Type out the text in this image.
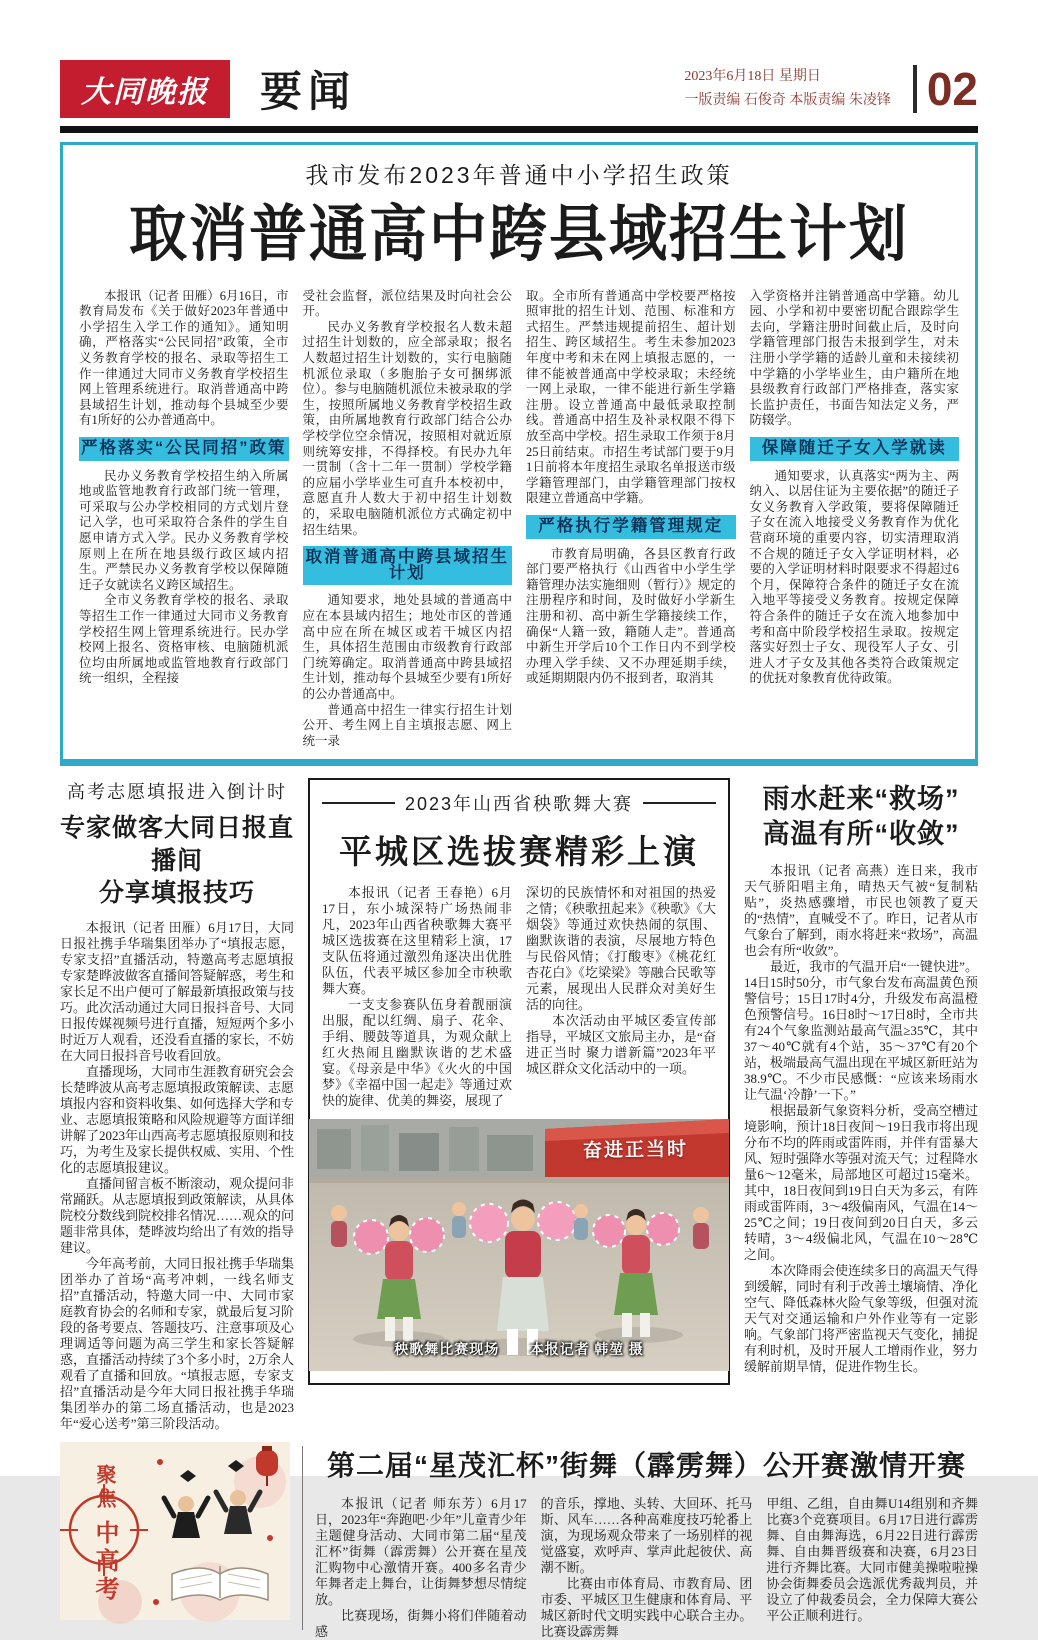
大同晚报 要闻	2023年6月18日 星期日
一版责编 石俊奇 本版责编 朱凌锋 02
我市发布2023年普通中小学招生政策
取消普通高中跨县域招生计划

本报讯（记者 田雁）6月16日，市教育局发布《关于做好2023年普通中小学招生入学工作的通知》。通知明确，严格落实“公民同招”政策，全市义务教育学校的报名、录取等招生工作一律通过大同市义务教育学校招生网上管理系统进行。取消普通高中跨县域招生计划，推动每个县城至少要有1所好的公办普通高中。

严格落实“公民同招”政策

民办义务教育学校招生纳入所属地或监管地教育行政部门统一管理，可采取与公办学校相同的方式划片登记入学，也可采取符合条件的学生自愿申请方式入学。民办义务教育学校原则上在所在地县级行政区域内招生。严禁民办义务教育学校以保障随迁子女就读名义跨区域招生。

全市义务教育学校的报名、录取等招生工作一律通过大同市义务教育学校招生网上管理系统进行。民办学校网上报名、资格审核、电脑随机派位均由所属地或监管地教育行政部门统一组织，全程接

受社会监督，派位结果及时向社会公开。

民办义务教育学校报名人数未超过招生计划数的，应全部录取；报名人数超过招生计划数的，实行电脑随机派位录取（多胞胎子女可捆绑派位）。参与电脑随机派位未被录取的学生，按照所属地义务教育学校招生政策，由所属地教育行政部门结合公办学校学位空余情况，按照相对就近原则统筹安排，不得择校。有民办九年一贯制（含十二年一贯制）学校学籍的应届小学毕业生可直升本校初中，意愿直升人数大于初中招生计划数的，采取电脑随机派位方式确定初中招生结果。

取消普通高中跨县域招生计划

通知要求，地处县域的普通高中应在本县域内招生；地处市区的普通高中应在所在城区或若干城区内招生，具体招生范围由市级教育行政部门统筹确定。取消普通高中跨县域招生计划，推动每个县城至少要有1所好的公办普通高中。

普通高中招生一律实行招生计划公开、考生网上自主填报志愿、网上统一录

取。全市所有普通高中学校要严格按照审批的招生计划、范围、标准和方式招生。严禁违规提前招生、超计划招生、跨区域招生。考生未参加2023年度中考和未在网上填报志愿的，一律不能被普通高中学校录取；未经统一网上录取，一律不能进行新生学籍注册。设立普通高中最低录取控制线。普通高中招生及补录权限不得下放至高中学校。招生录取工作须于8月25日前结束。市招生考试部门要于9月1日前将本年度招生录取名单报送市级学籍管理部门，由学籍管理部门按权限建立普通高中学籍。

严格执行学籍管理规定

市教育局明确，各县区教育行政部门要严格执行《山西省中小学生学籍管理办法实施细则（暂行）》规定的注册程序和时间，及时做好小学新生注册和初、高中新生学籍接续工作，确保“人籍一致，籍随人走”。普通高中新生开学后10个工作日内不到学校办理入学手续、又不办理延期手续，或延期期限内仍不报到者，取消其

入学资格并注销普通高中学籍。幼儿园、小学和初中要密切配合跟踪学生去向，学籍注册时间截止后，及时向学籍管理部门报告未报到学生，对未注册小学学籍的适龄儿童和未接续初中学籍的小学毕业生，由户籍所在地县级教育行政部门严格排查，落实家长监护责任，书面告知法定义务，严防辍学。

保障随迁子女入学就读

通知要求，认真落实“两为主、两纳入、以居住证为主要依据”的随迁子女义务教育入学政策，要将保障随迁子女在流入地接受义务教育作为优化营商环境的重要内容，切实清理取消不合规的随迁子女入学证明材料，必要的入学证明材料时限要求不得超过6个月，保障符合条件的随迁子女在流入地平等接受义务教育。按规定保障符合条件的随迁子女在流入地参加中考和高中阶段学校招生录取。按规定落实好烈士子女、现役军人子女、引进人才子女及其他各类符合政策规定的优抚对象教育优待政策。

高考志愿填报进入倒计时
专家做客大同日报直播间
分享填报技巧

本报讯（记者 田雁）6月17日，大同日报社携手华瑞集团举办了“填报志愿，专家支招”直播活动，特邀高考志愿填报专家楚晔波做客直播间答疑解惑，考生和家长足不出户便可了解最新填报政策与技巧。此次活动通过大同日报抖音号、大同日报传媒视频号进行直播，短短两个多小时近万人观看，还没看直播的家长，不妨在大同日报抖音号收看回放。

直播现场，大同市生涯教育研究会会长楚晔波从高考志愿填报政策解读、志愿填报内容和资料收集、如何选择大学和专业、志愿填报策略和风险规避等方面详细讲解了2023年山西高考志愿填报原则和技巧，为考生及家长提供权威、实用、个性化的志愿填报建议。

直播间留言板不断滚动，观众提问非常踊跃。从志愿填报到政策解读，从具体院校分数线到院校排名情况……观众的问题非常具体，楚晔波均给出了有效的指导建议。

今年高考前，大同日报社携手华瑞集团举办了首场“高考冲刺，一线名师支招”直播活动，特邀大同一中、大同市家庭教育协会的名师和专家，就最后复习阶段的备考要点、答题技巧、注意事项及心理调适等问题为高三学生和家长答疑解惑，直播活动持续了3个多小时，2万余人观看了直播和回放。“填报志愿，专家支招”直播活动是今年大同日报社携手华瑞集团举办的第二场直播活动，也是2023年“爱心送考”第三阶段活动。

2023年山西省秧歌舞大赛
平城区选拔赛精彩上演

本报讯（记者 王春艳）6月17日，东小城深特广场热闹非凡，2023年山西省秧歌舞大赛平城区选拔赛在这里精彩上演，17支队伍将通过激烈角逐决出优胜队伍，代表平城区参加全市秧歌舞大赛。

一支支参赛队伍身着靓丽演出服，配以红绸、扇子、花伞、手绢、腰鼓等道具，为观众献上红火热闹且幽默诙谐的艺术盛宴。《母亲是中华》《火火的中国梦》《幸福中国一起走》等通过欢快的旋律、优美的舞姿，展现了

深切的民族情怀和对祖国的热爱之情；《秧歌扭起来》《秧歌》《大烟袋》等通过欢快热闹的氛围、幽默诙谐的表演，尽展地方特色与民俗风情；《打酸枣》《桃花红杏花白》《圪梁梁》等融合民歌等元素，展现出人民群众对美好生活的向往。

本次活动由平城区委宣传部指导，平城区文旅局主办，是“奋进正当时 聚力谱新篇”2023年平城区群众文化活动中的一项。

奋进正当时
秧歌舞比赛现场 本报记者 韩堃 摄
雨水赶来“救场”
高温有所“收敛”

本报讯（记者 高燕）连日来，我市天气骄阳唱主角，晴热天气被“复制粘贴”，炎热感骤增，市民也领教了夏天的“热情”，直喊受不了。昨日，记者从市气象台了解到，雨水将赶来“救场”，高温也会有所“收敛”。

最近，我市的气温开启“一键快进”。14日15时50分，市气象台发布高温黄色预警信号；15日17时4分，升级发布高温橙色预警信号。16日8时～17日8时，全市共有24个气象监测站最高气温≥35℃，其中37～40℃就有4个站，35～37℃有20个站，极端最高气温出现在平城区新旺站为38.9℃。不少市民感慨：“应该来场雨水让气温‘冷静’一下。”

根据最新气象资料分析，受高空槽过境影响，预计18日夜间～19日我市将出现分布不均的阵雨或雷阵雨，并伴有雷暴大风、短时强降水等强对流天气；过程降水量6～12毫米，局部地区可超过15毫米。其中，18日夜间到19日白天为多云，有阵雨或雷阵雨，3～4级偏南风，气温在14～25℃之间；19日夜间到20日白天，多云转晴，3～4级偏北风，气温在10～28℃之间。

本次降雨会使连续多日的高温天气得到缓解，同时有利于改善土壤墒情、净化空气、降低森林火险气象等级，但强对流天气对交通运输和户外作业等有一定影响。气象部门将严密监视天气变化，捕捉有利时机，及时开展人工增雨作业，努力缓解前期旱情，促进作物生长。

聚焦
中高考
第二届“星茂汇杯”街舞（霹雳舞）公开赛激情开赛

本报讯（记者 师东芳）6月17日，2023年“奔跑吧·少年”儿童青少年主题健身活动、大同市第二届“星茂汇杯”街舞（霹雳舞）公开赛在星茂汇购物中心激情开赛。400多名青少年舞者走上舞台，让街舞梦想尽情绽放。

比赛现场，街舞小将们伴随着动感

的音乐，撑地、头转、大回环、托马斯、风车……各种高难度技巧轮番上演，为现场观众带来了一场别样的视觉盛宴，欢呼声、掌声此起彼伏、高潮不断。

比赛由市体育局、市教育局、团市委、平城区卫生健康和体育局、平城区新时代文明实践中心联合主办。比赛设霹雳舞

甲组、乙组，自由舞U14组别和齐舞比赛3个竞赛项目。6月17日进行霹雳舞、自由舞海选，6月22日进行霹雳舞、自由舞晋级赛和决赛，6月23日进行齐舞比赛。大同市健美操啦啦操协会街舞委员会选派优秀裁判员，并设立了仲裁委员会，全力保障大赛公平公正顺利进行。
